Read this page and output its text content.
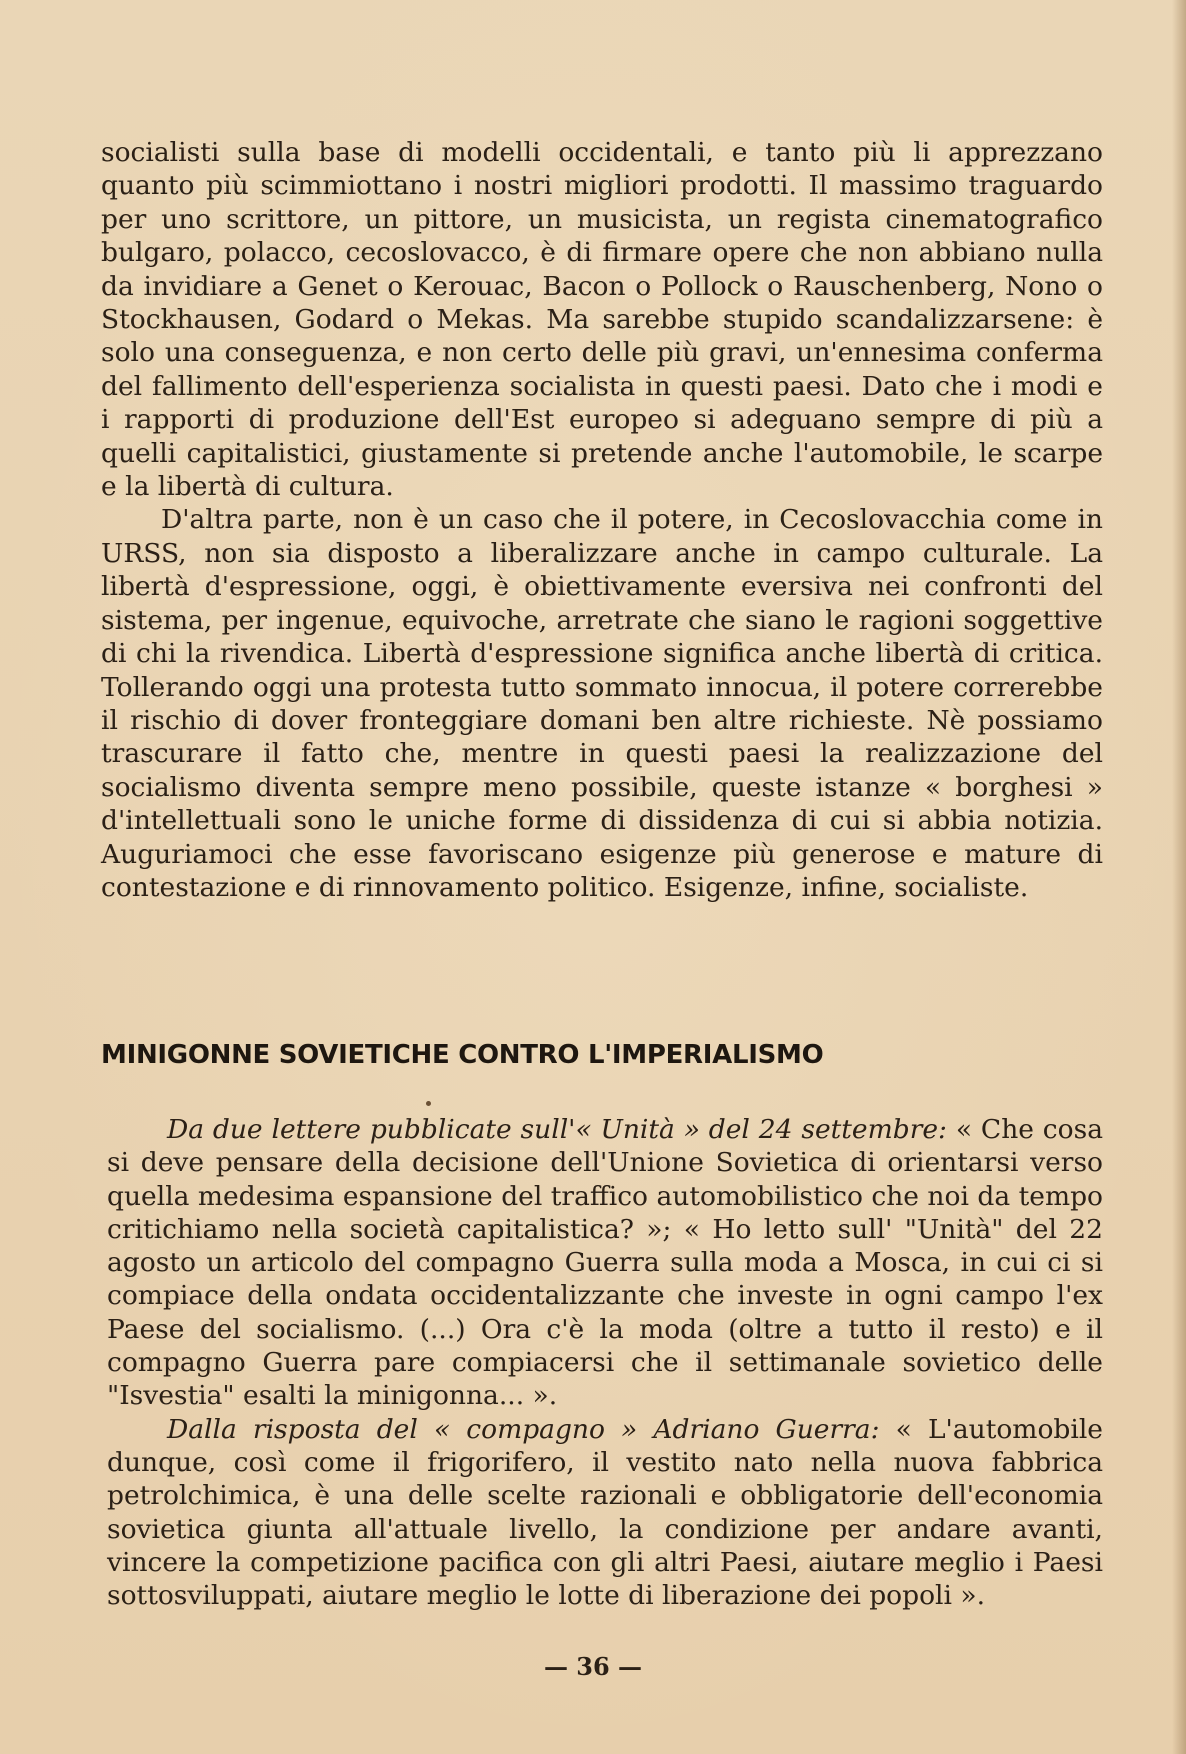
socialisti sulla base di modelli occidentali, e tanto più li apprezzano quanto più scimmiottano i nostri migliori prodotti. Il massimo traguardo per uno scrittore, un pittore, un musicista, un regista cinematografico bulgaro, polacco, cecoslovacco, è di firmare opere che non abbiano nulla da invidiare a Genet o Kerouac, Bacon o Pollock o Rauschenberg, Nono o Stockhausen, Godard o Mekas. Ma sarebbe stupido scandalizzarsene: è solo una conseguenza, e non certo delle più gravi, un'ennesima conferma del fallimento dell'esperienza socialista in questi paesi. Dato che i modi e i rapporti di produzione dell'Est europeo si adeguano sempre di più a quelli capitalistici, giustamente si pretende anche l'automobile, le scarpe e la libertà di cultura.

D'altra parte, non è un caso che il potere, in Cecoslovacchia come in URSS, non sia disposto a liberalizzare anche in campo culturale. La libertà d'espressione, oggi, è obiettivamente eversiva nei confronti del sistema, per ingenue, equivoche, arretrate che siano le ragioni soggettive di chi la rivendica. Libertà d'espressione significa anche libertà di critica. Tollerando oggi una protesta tutto sommato innocua, il potere correrebbe il rischio di dover fronteggiare domani ben altre richieste. Nè possiamo trascurare il fatto che, mentre in questi paesi la realizzazione del socialismo diventa sempre meno possibile, queste istanze « borghesi » d'intellettuali sono le uniche forme di dissidenza di cui si abbia notizia. Auguriamoci che esse favoriscano esigenze più generose e mature di contestazione e di rinnovamento politico. Esigenze, infine, socialiste.

MINIGONNE SOVIETICHE CONTRO L'IMPERIALISMO

Da due lettere pubblicate sull'« Unità » del 24 settembre: « Che cosa si deve pensare della decisione dell'Unione Sovietica di orientarsi verso quella medesima espansione del traffico automobilistico che noi da tempo critichiamo nella società capitalistica? »; « Ho letto sull' "Unità" del 22 agosto un articolo del compagno Guerra sulla moda a Mosca, in cui ci si compiace della ondata occidentalizzante che investe in ogni campo l'ex Paese del socialismo. (...) Ora c'è la moda (oltre a tutto il resto) e il compagno Guerra pare compiacersi che il settimanale sovietico delle "Isvestia" esalti la minigonna... ».

Dalla risposta del « compagno » Adriano Guerra: « L'automobile dunque, così come il frigorifero, il vestito nato nella nuova fabbrica petrolchimica, è una delle scelte razionali e obbligatorie dell'economia sovietica giunta all'attuale livello, la condizione per andare avanti, vincere la competizione pacifica con gli altri Paesi, aiutare meglio i Paesi sottosviluppati, aiutare meglio le lotte di liberazione dei popoli ».

— 36 —
